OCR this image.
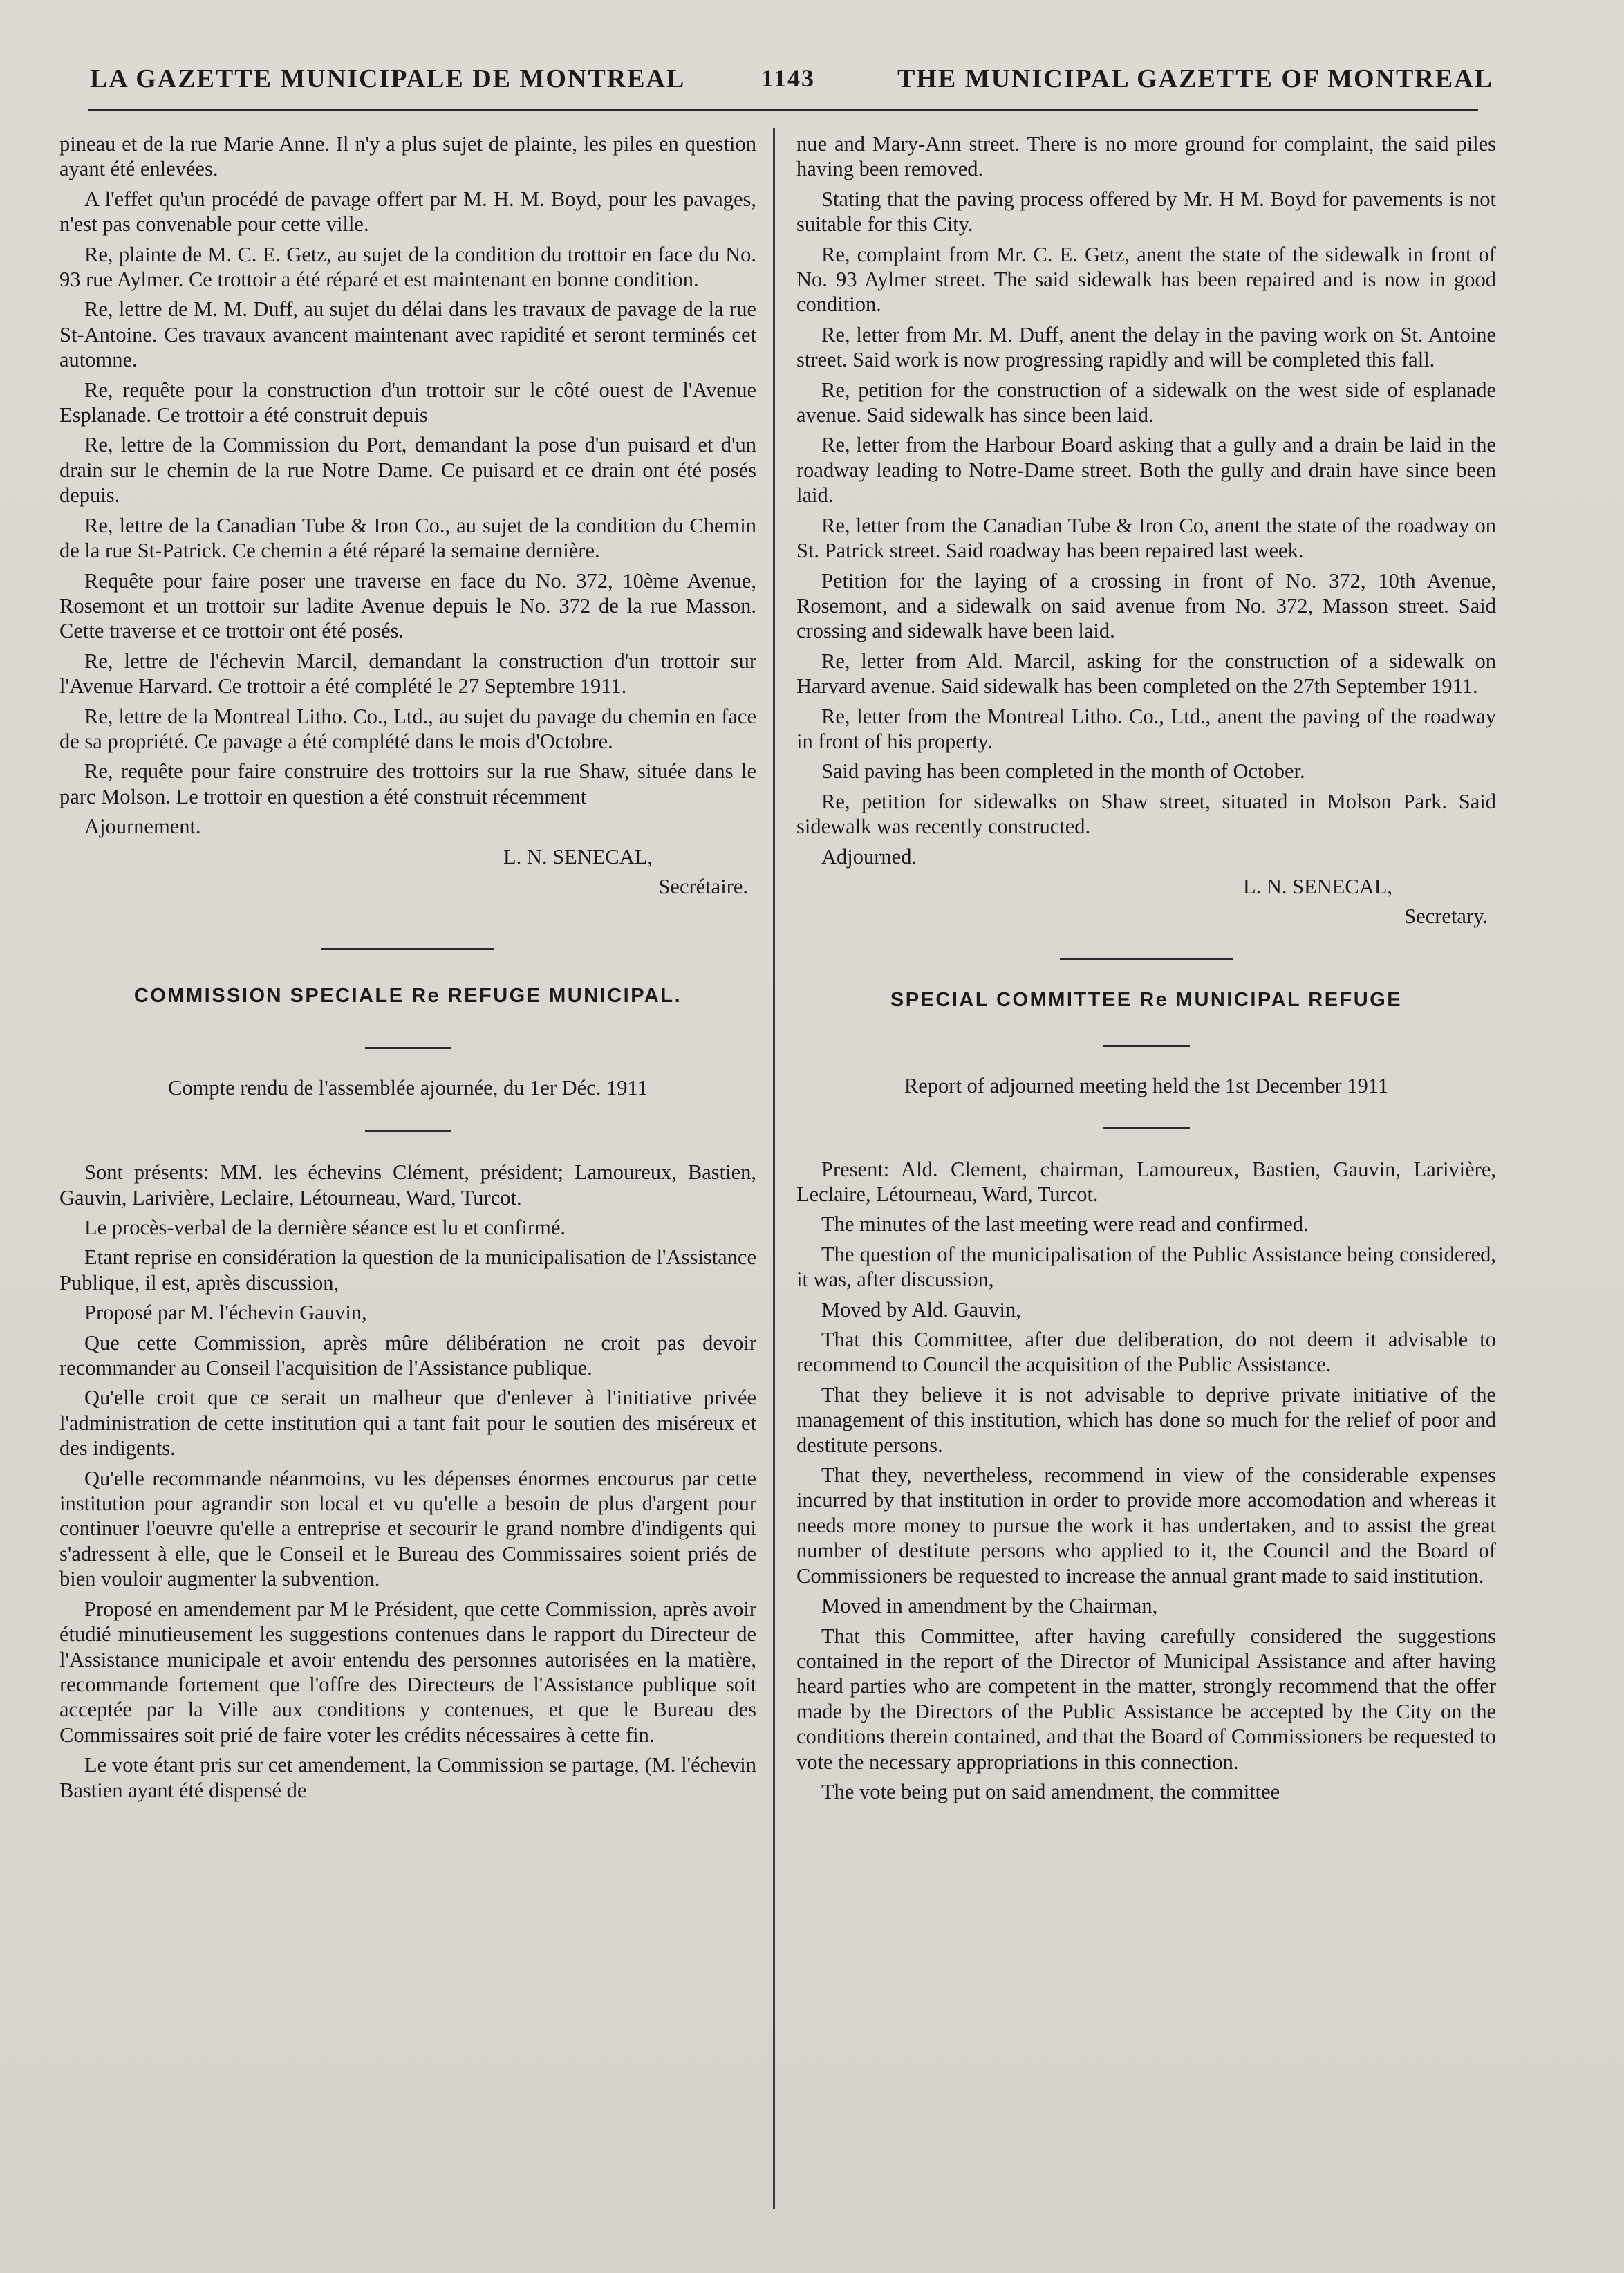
LA GAZETTE MUNICIPALE DE MONTREAL	1143	THE MUNICIPAL GAZETTE OF MONTREAL

pineau et de la rue Marie Anne. Il n'y a plus sujet de plainte, les piles en question ayant été enlevées.

A l'effet qu'un procédé de pavage offert par M. H. M. Boyd, pour les pavages, n'est pas convenable pour cette ville.

Re, plainte de M. C. E. Getz, au sujet de la condition du trottoir en face du No. 93 rue Aylmer. Ce trottoir a été réparé et est maintenant en bonne condition.

Re, lettre de M. M. Duff, au sujet du délai dans les travaux de pavage de la rue St-Antoine. Ces travaux avancent maintenant avec rapidité et seront terminés cet automne.

Re, requête pour la construction d'un trottoir sur le côté ouest de l'Avenue Esplanade. Ce trottoir a été construit depuis

Re, lettre de la Commission du Port, demandant la pose d'un puisard et d'un drain sur le chemin de la rue Notre Dame. Ce puisard et ce drain ont été posés depuis.

Re, lettre de la Canadian Tube & Iron Co., au sujet de la condition du Chemin de la rue St-Patrick. Ce chemin a été réparé la semaine dernière.

Requête pour faire poser une traverse en face du No. 372, 10ème Avenue, Rosemont et un trottoir sur ladite Avenue depuis le No. 372 de la rue Masson. Cette traverse et ce trottoir ont été posés.

Re, lettre de l'échevin Marcil, demandant la construction d'un trottoir sur l'Avenue Harvard. Ce trottoir a été complété le 27 Septembre 1911.

Re, lettre de la Montreal Litho. Co., Ltd., au sujet du pavage du chemin en face de sa propriété. Ce pavage a été complété dans le mois d'Octobre.

Re, requête pour faire construire des trottoirs sur la rue Shaw, située dans le parc Molson. Le trottoir en question a été construit récemment

Ajournement.

L. N. SENECAL,

Secrétaire.

COMMISSION SPECIALE Re REFUGE MUNICIPAL.

Compte rendu de l'assemblée ajournée, du 1er Déc. 1911

Sont présents: MM. les échevins Clément, président; Lamoureux, Bastien, Gauvin, Larivière, Leclaire, Létourneau, Ward, Turcot.

Le procès-verbal de la dernière séance est lu et confirmé.

Etant reprise en considération la question de la municipalisation de l'Assistance Publique, il est, après discussion,

Proposé par M. l'échevin Gauvin,

Que cette Commission, après mûre délibération ne croit pas devoir recommander au Conseil l'acquisition de l'Assistance publique.

Qu'elle croit que ce serait un malheur que d'enlever à l'initiative privée l'administration de cette institution qui a tant fait pour le soutien des miséreux et des indigents.

Qu'elle recommande néanmoins, vu les dépenses énormes encourus par cette institution pour agrandir son local et vu qu'elle a besoin de plus d'argent pour continuer l'oeuvre qu'elle a entreprise et secourir le grand nombre d'indigents qui s'adressent à elle, que le Conseil et le Bureau des Commissaires soient priés de bien vouloir augmenter la subvention.

Proposé en amendement par M le Président, que cette Commission, après avoir étudié minutieusement les suggestions contenues dans le rapport du Directeur de l'Assistance municipale et avoir entendu des personnes autorisées en la matière, recommande fortement que l'offre des Directeurs de l'Assistance publique soit acceptée par la Ville aux conditions y contenues, et que le Bureau des Commissaires soit prié de faire voter les crédits nécessaires à cette fin.

Le vote étant pris sur cet amendement, la Commission se partage, (M. l'échevin Bastien ayant été dispensé de

nue and Mary-Ann street. There is no more ground for complaint, the said piles having been removed.

Stating that the paving process offered by Mr. H M. Boyd for pavements is not suitable for this City.

Re, complaint from Mr. C. E. Getz, anent the state of the sidewalk in front of No. 93 Aylmer street. The said sidewalk has been repaired and is now in good condition.

Re, letter from Mr. M. Duff, anent the delay in the paving work on St. Antoine street. Said work is now progressing rapidly and will be completed this fall.

Re, petition for the construction of a sidewalk on the west side of esplanade avenue. Said sidewalk has since been laid.

Re, letter from the Harbour Board asking that a gully and a drain be laid in the roadway leading to Notre-Dame street. Both the gully and drain have since been laid.

Re, letter from the Canadian Tube & Iron Co, anent the state of the roadway on St. Patrick street. Said roadway has been repaired last week.

Petition for the laying of a crossing in front of No. 372, 10th Avenue, Rosemont, and a sidewalk on said avenue from No. 372, Masson street. Said crossing and sidewalk have been laid.

Re, letter from Ald. Marcil, asking for the construction of a sidewalk on Harvard avenue. Said sidewalk has been completed on the 27th September 1911.

Re, letter from the Montreal Litho. Co., Ltd., anent the paving of the roadway in front of his property.

Said paving has been completed in the month of October.

Re, petition for sidewalks on Shaw street, situated in Molson Park. Said sidewalk was recently constructed.

Adjourned.

L. N. SENECAL,

Secretary.

SPECIAL COMMITTEE Re MUNICIPAL REFUGE

Report of adjourned meeting held the 1st December 1911

Present: Ald. Clement, chairman, Lamoureux, Bastien, Gauvin, Larivière, Leclaire, Létourneau, Ward, Turcot.

The minutes of the last meeting were read and confirmed.

The question of the municipalisation of the Public Assistance being considered, it was, after discussion,

Moved by Ald. Gauvin,

That this Committee, after due deliberation, do not deem it advisable to recommend to Council the acquisition of the Public Assistance.

That they believe it is not advisable to deprive private initiative of the management of this institution, which has done so much for the relief of poor and destitute persons.

That they, nevertheless, recommend in view of the considerable expenses incurred by that institution in order to provide more accomodation and whereas it needs more money to pursue the work it has undertaken, and to assist the great number of destitute persons who applied to it, the Council and the Board of Commissioners be requested to increase the annual grant made to said institution.

Moved in amendment by the Chairman,

That this Committee, after having carefully considered the suggestions contained in the report of the Director of Municipal Assistance and after having heard parties who are competent in the matter, strongly recommend that the offer made by the Directors of the Public Assistance be accepted by the City on the conditions therein contained, and that the Board of Commissioners be requested to vote the necessary appropriations in this connection.

The vote being put on said amendment, the committee
